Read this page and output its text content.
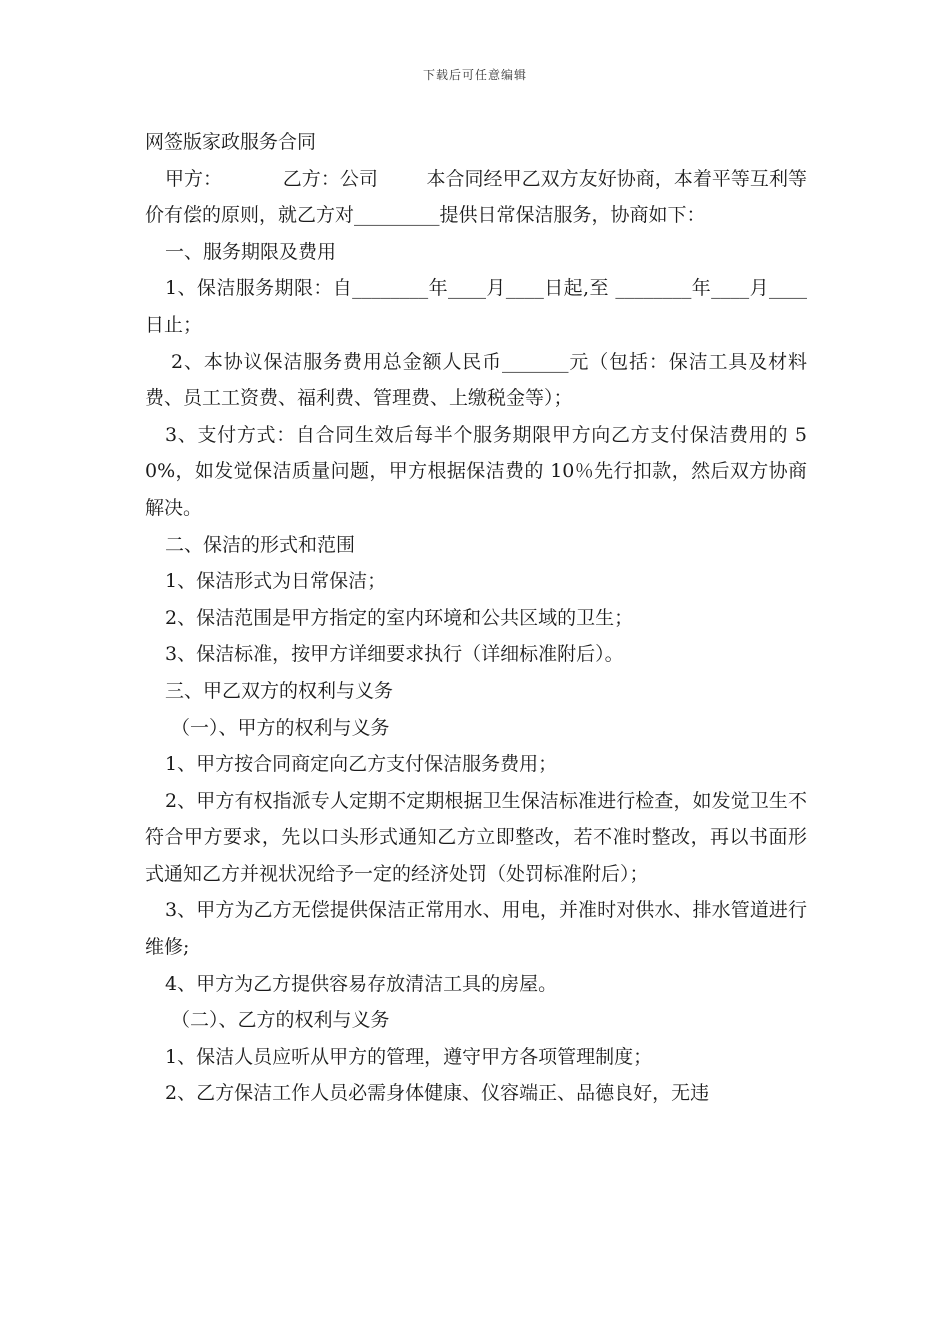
下载后可任意编辑

网签版家政服务合同

甲方：          乙方：公司        本合同经甲乙双方友好协商，本着平等互利等价有偿的原则，就乙方对_________提供日常保洁服务，协商如下：

一、服务期限及费用

1、保洁服务期限：自________年____月____日起,至 ________年____月____日止；

2、本协议保洁服务费用总金额人民币_______元（包括：保洁工具及材料费、员工工资费、福利费、管理费、上缴税金等）；

3、支付方式：自合同生效后每半个服务期限甲方向乙方支付保洁费用的 50%，如发觉保洁质量问题，甲方根据保洁费的 10％先行扣款，然后双方协商解决。

二、保洁的形式和范围

1、保洁形式为日常保洁；

2、保洁范围是甲方指定的室内环境和公共区域的卫生；

3、保洁标准，按甲方详细要求执行（详细标准附后）。

三、甲乙双方的权利与义务

（一）、甲方的权利与义务

1、甲方按合同商定向乙方支付保洁服务费用；

2、甲方有权指派专人定期不定期根据卫生保洁标准进行检查，如发觉卫生不符合甲方要求，先以口头形式通知乙方立即整改，若不准时整改，再以书面形式通知乙方并视状况给予一定的经济处罚（处罚标准附后）；

3、甲方为乙方无偿提供保洁正常用水、用电，并准时对供水、排水管道进行维修;

4、甲方为乙方提供容易存放清洁工具的房屋。

（二）、乙方的权利与义务

1、保洁人员应听从甲方的管理，遵守甲方各项管理制度；

2、乙方保洁工作人员必需身体健康、仪容端正、品德良好，无违
